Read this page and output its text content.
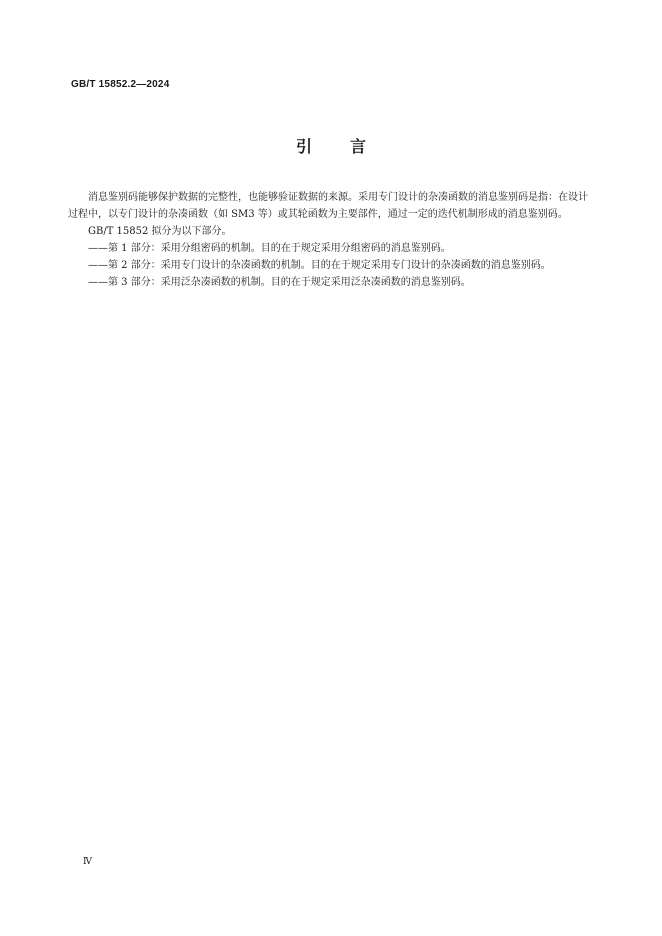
GB/T 15852.2—2024
引 言

消息鉴别码能够保护数据的完整性，也能够验证数据的来源。采用专门设计的杂凑函数的消息鉴别码是指：在设计过程中，以专门设计的杂凑函数（如 SM3 等）或其轮函数为主要部件，通过一定的迭代机制形成的消息鉴别码。

GB/T 15852 拟分为以下部分。

——第 1 部分：采用分组密码的机制。目的在于规定采用分组密码的消息鉴别码。

——第 2 部分：采用专门设计的杂凑函数的机制。目的在于规定采用专门设计的杂凑函数的消息鉴别码。

——第 3 部分：采用泛杂凑函数的机制。目的在于规定采用泛杂凑函数的消息鉴别码。

Ⅳ
